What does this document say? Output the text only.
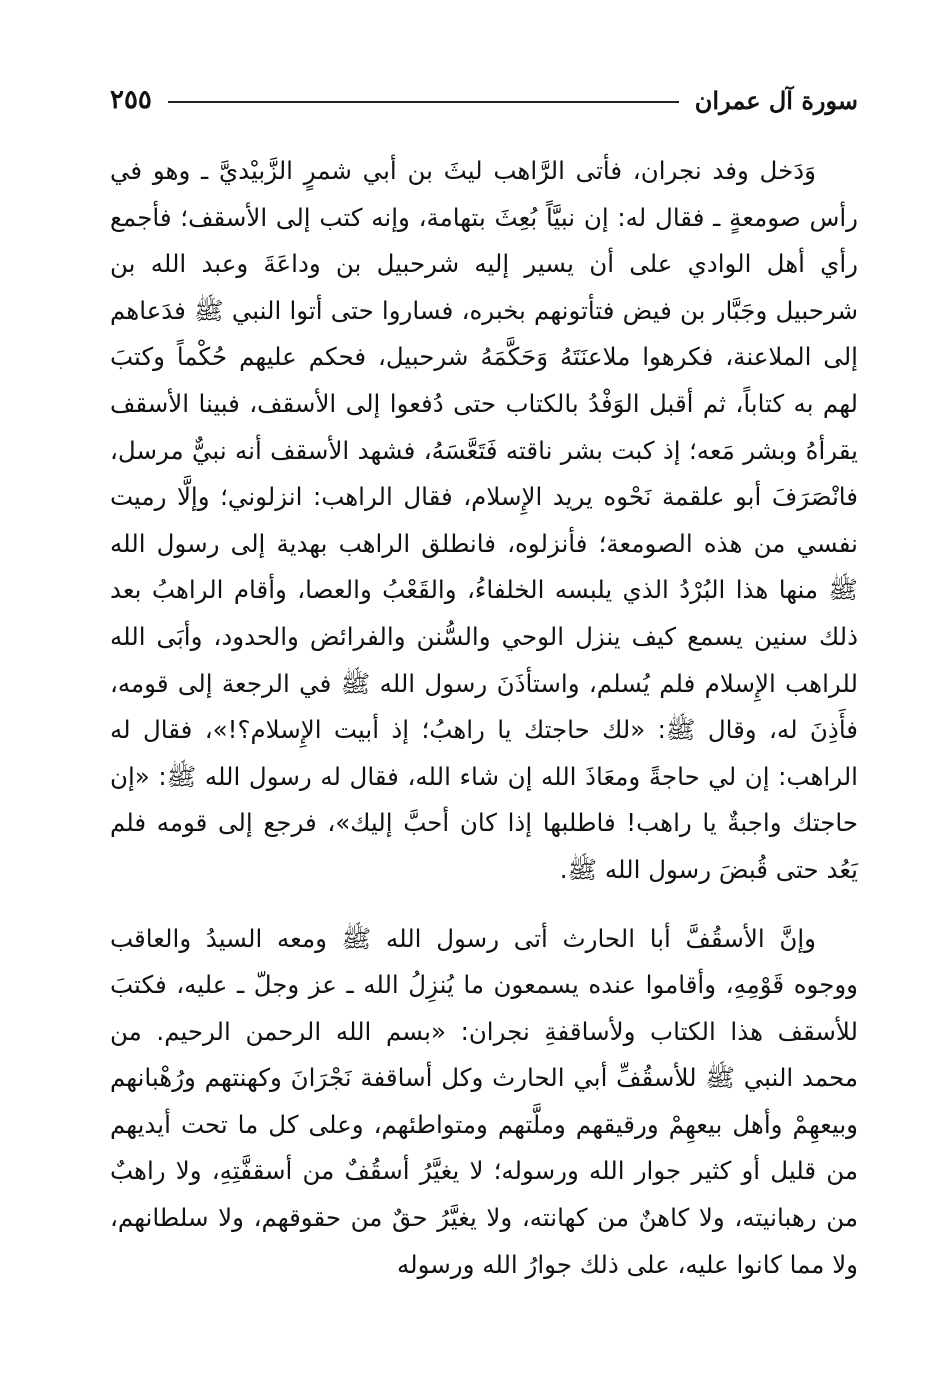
سورة آل عمران
٢٥٥

وَدَخل وفد نجران، فأتى الرَّاهب ليثَ بن أبي شمرٍ الزَّبيْديَّ ـ وهو في رأس صومعةٍ ـ فقال له: إن نبيَّاً بُعِثَ بتهامة، وإنه كتب إلى الأسقف؛ فأجمع رأي أهل الوادي على أن يسير إليه شرحبيل بن وداعَةَ وعبد الله بن شرحبيل وجَبَّار بن فيض فتأتونهم بخبره، فساروا حتى أتوا النبي ﷺ فدَعاهم إلى الملاعنة، فكرهوا ملاعنَتَهُ وَحَكَّمَهُ شرحبيل، فحكم عليهم حُكْماً وكتبَ لهم به كتاباً، ثم أقبل الوَفْدُ بالكتاب حتى دُفعوا إلى الأسقف، فبينا الأسقف يقرأهُ وبشر مَعه؛ إذ كبت بشر ناقته فَتَعَّسَهُ، فشهد الأسقف أنه نبيٌّ مرسل، فانْصَرَفَ أبو علقمة نَحْوه يريد الإِسلام، فقال الراهب: انزلوني؛ وإلَّا رميت نفسي من هذه الصومعة؛ فأنزلوه، فانطلق الراهب بهدية إلى رسول الله ﷺ منها هذا البُرْدُ الذي يلبسه الخلفاءُ، والقَعْبُ والعصا، وأقام الراهبُ بعد ذلك سنين يسمع كيف ينزل الوحي والسُّنن والفرائض والحدود، وأبَى الله للراهب الإِسلام فلم يُسلم، واستأذَنَ رسول الله ﷺ في الرجعة إلى قومه، فأَذِنَ له، وقال ﷺ: «لك حاجتك يا راهبُ؛ إذ أبيت الإِسلام؟!»، فقال له الراهب: إن لي حاجةً ومعَاذَ الله إن شاء الله، فقال له رسول الله ﷺ: «إن حاجتك واجبةٌ يا راهب! فاطلبها إذا كان أحبَّ إليك»، فرجع إلى قومه فلم يَعُد حتى قُبضَ رسول الله ﷺ.

وإنَّ الأسقُفَّ أبا الحارث أتى رسول الله ﷺ ومعه السيدُ والعاقب ووجوه قَوْمِهِ، وأقاموا عنده يسمعون ما يُنزِلُ الله ـ عز وجلّ ـ عليه، فكتبَ للأسقف هذا الكتاب ولأساقفةِ نجران: «بسم الله الرحمن الرحيم. من محمد النبي ﷺ للأسقُفِّ أبي الحارث وكل أساقفة نَجْرَانَ وكهنتهم ورُهْبانهم وبيعهِمْ وأهل بيعهِمْ ورقيقهم وملَّتهم ومتواطئهم، وعلى كل ما تحت أيديهم من قليل أو كثير جوار الله ورسوله؛ لا يغيَّرُ أسقُفٌ من أسقفَّتِهِ، ولا راهبٌ من رهبانيته، ولا كاهنٌ من كهانته، ولا يغيَّرُ حقٌ من حقوقهم، ولا سلطانهم، ولا مما كانوا عليه، على ذلك جوارُ الله ورسوله
